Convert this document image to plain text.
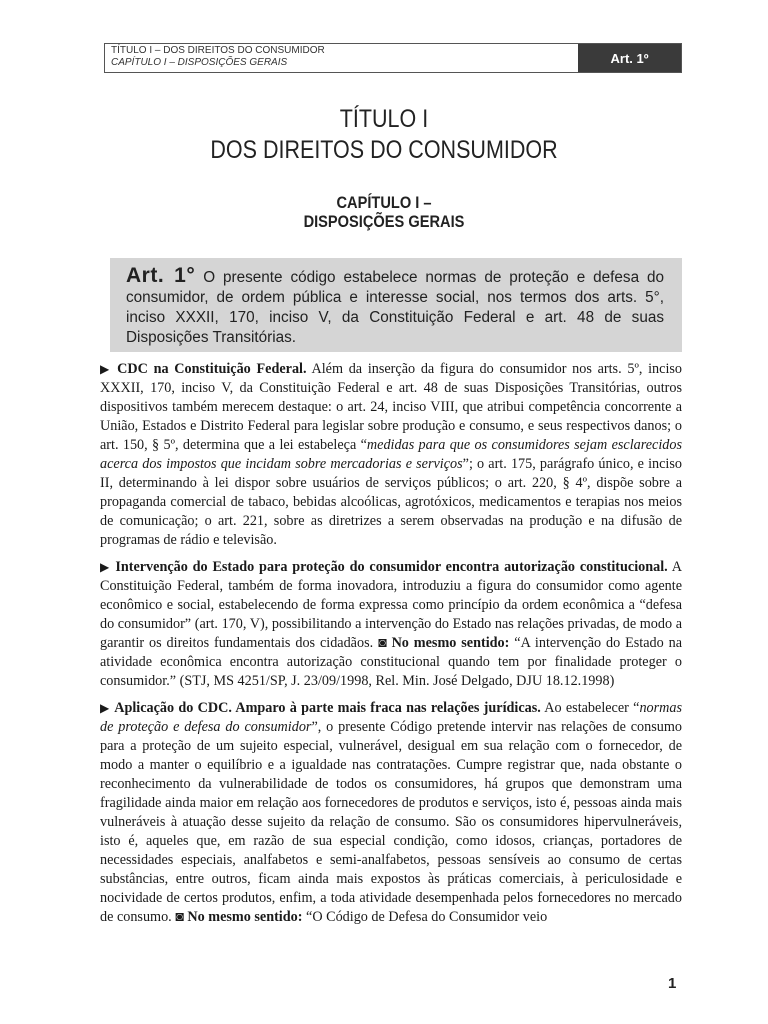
TÍTULO I – DOS DIREITOS DO CONSUMIDOR
CAPÍTULO I – DISPOSIÇÕES GERAIS	Art. 1º
TÍTULO I
DOS DIREITOS DO CONSUMIDOR
CAPÍTULO I –
DISPOSIÇÕES GERAIS
Art. 1° O presente código estabelece normas de proteção e defesa do consumidor, de ordem pública e interesse social, nos termos dos arts. 5°, inciso XXXII, 170, inciso V, da Constituição Federal e art. 48 de suas Disposições Transitórias.

▶ CDC na Constituição Federal. Além da inserção da figura do consumidor nos arts. 5º, inciso XXXII, 170, inciso V, da Constituição Federal e art. 48 de suas Disposições Transitórias, outros dispositivos também merecem destaque: o art. 24, inciso VIII, que atribui competência concorrente a União, Estados e Distrito Federal para legislar sobre produção e consumo, e seus respectivos danos; o art. 150, § 5º, determina que a lei estabeleça “medidas para que os consumidores sejam esclarecidos acerca dos impostos que incidam sobre mercadorias e serviços”; o art. 175, parágrafo único, e inciso II, determinando à lei dispor sobre usuários de serviços públicos; o art. 220, § 4º, dispõe sobre a propaganda comercial de tabaco, bebidas alcoólicas, agrotóxicos, medicamentos e terapias nos meios de comunicação; o art. 221, sobre as diretrizes a serem observadas na produção e na difusão de programas de rádio e televisão.

▶ Intervenção do Estado para proteção do consumidor encontra autorização constitucional. A Constituição Federal, também de forma inovadora, introduziu a figura do consumidor como agente econômico e social, estabelecendo de forma expressa como princípio da ordem econômica a “defesa do consumidor” (art. 170, V), possibilitando a intervenção do Estado nas relações privadas, de modo a garantir os direitos fundamentais dos cidadãos. ◙ No mesmo sentido: “A intervenção do Estado na atividade econômica encontra autorização constitucional quando tem por finalidade proteger o consumidor.” (STJ, MS 4251/SP, J. 23/09/1998, Rel. Min. José Delgado, DJU 18.12.1998)

▶ Aplicação do CDC. Amparo à parte mais fraca nas relações jurídicas. Ao estabelecer “normas de proteção e defesa do consumidor”, o presente Código pretende intervir nas relações de consumo para a proteção de um sujeito especial, vulnerável, desigual em sua relação com o fornecedor, de modo a manter o equilíbrio e a igualdade nas contratações. Cumpre registrar que, nada obstante o reconhecimento da vulnerabilidade de todos os consumidores, há grupos que demonstram uma fragilidade ainda maior em relação aos fornecedores de produtos e serviços, isto é, pessoas ainda mais vulneráveis à atuação desse sujeito da relação de consumo. São os consumidores hipervulneráveis, isto é, aqueles que, em razão de sua especial condição, como idosos, crianças, portadores de necessidades especiais, analfabetos e semi-analfabetos, pessoas sensíveis ao consumo de certas substâncias, entre outros, ficam ainda mais expostos às práticas comerciais, à periculosidade e nocividade de certos produtos, enfim, a toda atividade desempenhada pelos fornecedores no mercado de consumo. ◙ No mesmo sentido: “O Código de Defesa do Consumidor veio

1
